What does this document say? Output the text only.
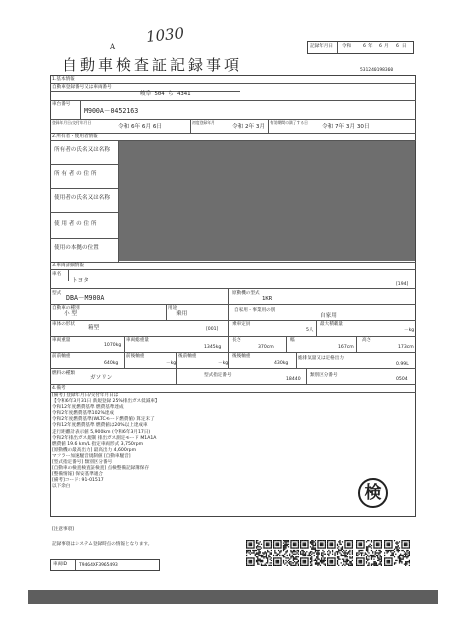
1030
A
自動車検査証記録事項
記録年月日 令和	6 年 6 月 6 日
531240198360
1.基本情報
自動車登録番号又は車両番号
岐阜 504 ち 4341
車台番号
M900A－0452163
登録年月日/交付年月日
令和 6年 6月 6日
初度登録年月
令和 2年 3月
有効期間の満了する日
令和 7年 3月 30日
2.所有者・使用者情報
所有者の氏名又は名称
所 有 者 の 住 所
使用者の氏名又は名称
使 用 者 の 住 所
使用の本拠の位置
3.車両詳細情報
車名
トヨタ
[194]
型式
DBA－M900A
原動機の型式
1KR
自動車の種別
小 型
用途
乗用
自家用・事業用の別
自家用
車体の形状
箱型	[001]
乗車定員
5人
最大積載量
－kg
車両重量
1070kg
車両総重量
1345kg
長さ
370cm
幅
167cm
高さ
173cm
前前軸重
640kg
前後軸重
－kg
後前軸重
－kg
後後軸重
430kg
総排気量又は定格出力
0.99L
燃料の種類
ガソリン	型式指定番号
18440
類別区分番号
0504
4.備考
[備考] 登録年月日/交付年月日は
【令和6年3月31日 新規登録 25%排出ガス低減車】
令和12年度燃費基準 燃費基準達成
令和2年度燃費基準102%達成
令和2年度燃費基準(WLTCモード燃費値) 算定未了
令和12年度燃費基準 燃費値は20%以上達成車
走行距離計表示値 5,900km (令和6年3月17日)
令和2年排出ガス規制 排出ガス測定モード M1A1A
燃費値 19.6 km/L 指定車両形式 3,750rpm
[原動機の最高出力] 最高出力 4,600rpm
マフラー加速騒音規制値 [自動車騒音]
[型式指定番号] 類別区分番号
[自動車の検査検査証検査] 点検整備記録簿保存
[整備情報] 保安基準適合
[備考]コード: 91-01517
以下余白	検
[注意事項]
記録事項はシステム登録時点の情報となります。
車両ID	T9464XF3965493
